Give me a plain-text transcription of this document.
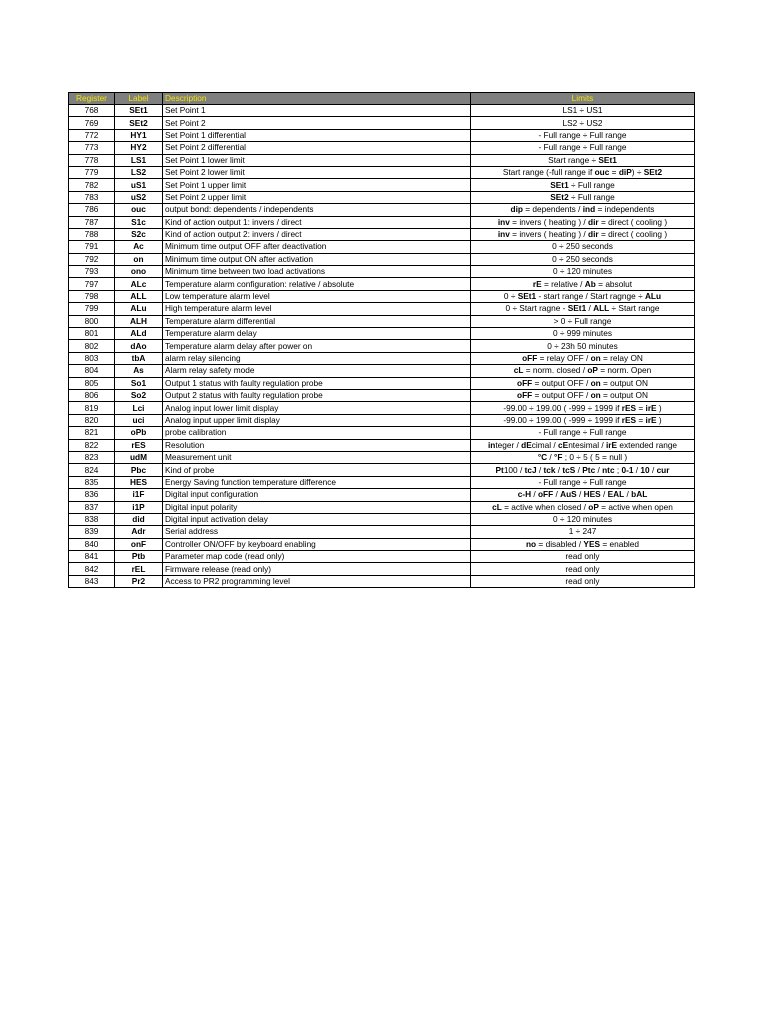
Register	Label	Description	Limits
768	SEt1	Set Point 1	LS1 ÷ US1
769	SEt2	Set Point 2	LS2 ÷ US2
772	HY1	Set Point 1 differential	- Full range ÷ Full range
773	HY2	Set Point 2 differential	- Full range ÷ Full range
778	LS1	Set Point 1 lower limit	Start range ÷ SEt1
779	LS2	Set Point 2 lower limit	Start range (-full range if ouc = diP) ÷ SEt2
782	uS1	Set Point 1 upper limit	SEt1 ÷ Full range
783	uS2	Set Point 2 upper limit	SEt2 ÷ Full range
786	ouc	output bond: dependents / independents	dip = dependents / ind = independents
787	S1c	Kind of action output 1: invers / direct	inv = invers ( heating ) / dir = direct ( cooling )
788	S2c	Kind of action output 2: invers / direct	inv = invers ( heating ) / dir = direct ( cooling )
791	Ac	Minimum time output OFF after deactivation	0 ÷ 250 seconds
792	on	Minimum time output ON after activation	0 ÷ 250 seconds
793	ono	Minimum time between two load activations	0 ÷ 120 minutes
797	ALc	Temperature alarm configuration: relative / absolute	rE = relative / Ab = absolut
798	ALL	Low temperature alarm level	0 ÷ SEt1 - start range / Start ragnge ÷ ALu
799	ALu	High temperature alarm level	0 ÷ Start ragne - SEt1 / ALL ÷ Start range
800	ALH	Temperature alarm differential	> 0 ÷ Full range
801	ALd	Temperature alarm delay	0 ÷ 999 minutes
802	dAo	Temperature alarm delay after power on	0 ÷ 23h 50 minutes
803	tbA	alarm relay silencing	oFF = relay OFF / on = relay ON
804	As	Alarm relay safety mode	cL = norm. closed / oP = norm. Open
805	So1	Output 1 status with faulty regulation probe	oFF = output OFF / on = output ON
806	So2	Output 2 status with faulty regulation probe	oFF = output OFF / on = output ON
819	Lci	Analog input lower limit display	-99.00 ÷ 199.00 ( -999 ÷ 1999 if rES = irE )
820	uci	Analog input upper limit display	-99.00 ÷ 199.00 ( -999 ÷ 1999 if rES = irE )
821	oPb	probe calibration	- Full range ÷ Full range
822	rES	Resolution	integer / dEcimal / cEntesimal / irE extended range
823	udM	Measurement unit	°C / °F ; 0 ÷ 5 ( 5 = null )
824	Pbc	Kind of probe	Pt100 / tcJ / tck / tcS / Ptc / ntc ; 0-1 / 10 / cur
835	HES	Energy Saving function temperature difference	- Full range ÷ Full range
836	i1F	Digital input configuration	c-H / oFF / AuS / HES / EAL / bAL
837	i1P	Digital input polarity	cL = active when closed / oP = active when open
838	did	Digital input activation delay	0 ÷ 120 minutes
839	Adr	Serial address	1 ÷ 247
840	onF	Controller ON/OFF by keyboard enabling	no = disabled / YES = enabled
841	Ptb	Parameter map code (read only)	read only
842	rEL	Firmware release (read only)	read only
843	Pr2	Access to PR2 programming level	read only
